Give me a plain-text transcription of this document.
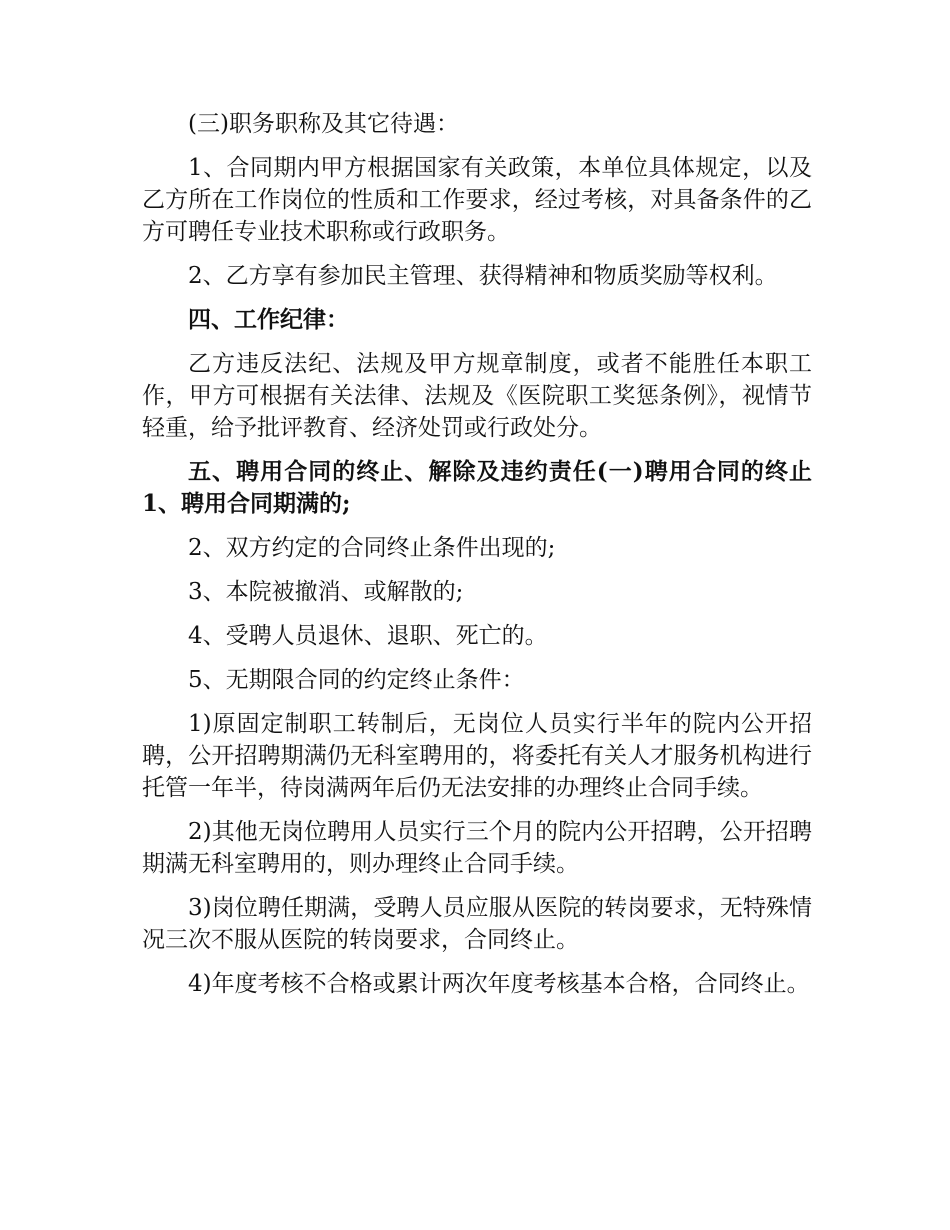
(三)职务职称及其它待遇：

1、合同期内甲方根据国家有关政策，本单位具体规定，以及乙方所在工作岗位的性质和工作要求，经过考核，对具备条件的乙方可聘任专业技术职称或行政职务。

2、乙方享有参加民主管理、获得精神和物质奖励等权利。

四、工作纪律：

乙方违反法纪、法规及甲方规章制度，或者不能胜任本职工作，甲方可根据有关法律、法规及《医院职工奖惩条例》，视情节轻重，给予批评教育、经济处罚或行政处分。

五、聘用合同的终止、解除及违约责任(一)聘用合同的终止1、聘用合同期满的;

2、双方约定的合同终止条件出现的;

3、本院被撤消、或解散的;

4、受聘人员退休、退职、死亡的。

5、无期限合同的约定终止条件：

1)原固定制职工转制后，无岗位人员实行半年的院内公开招聘，公开招聘期满仍无科室聘用的，将委托有关人才服务机构进行托管一年半，待岗满两年后仍无法安排的办理终止合同手续。

2)其他无岗位聘用人员实行三个月的院内公开招聘，公开招聘期满无科室聘用的，则办理终止合同手续。

3)岗位聘任期满，受聘人员应服从医院的转岗要求，无特殊情况三次不服从医院的转岗要求，合同终止。

4)年度考核不合格或累计两次年度考核基本合格，合同终止。
